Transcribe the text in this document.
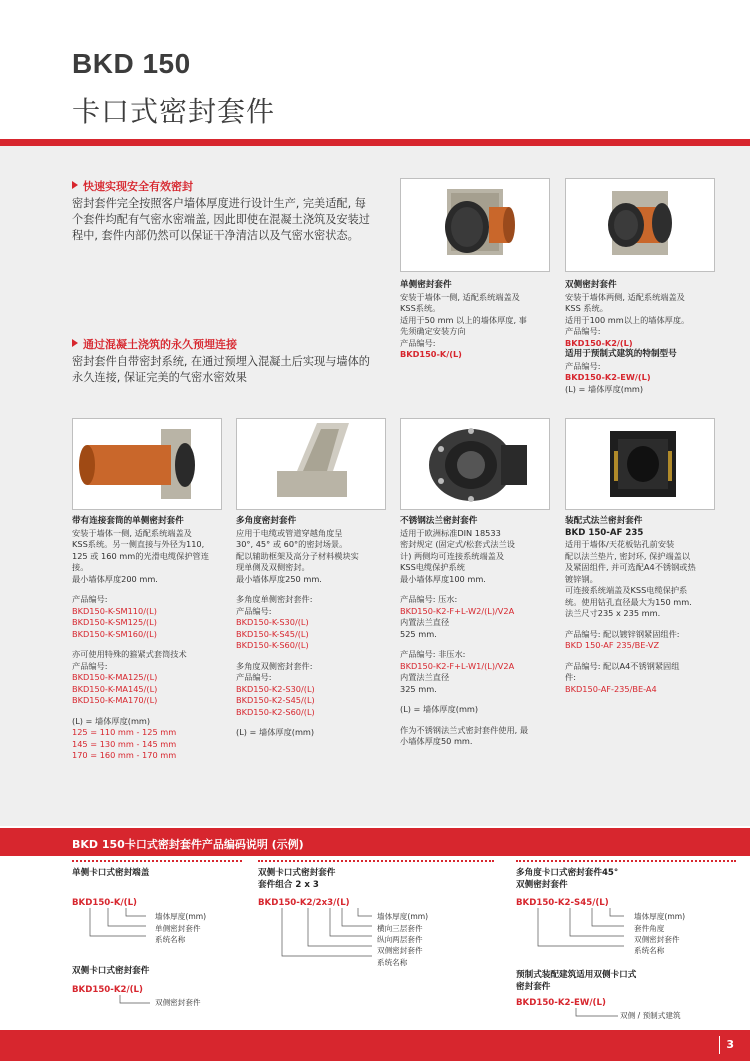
BKD 150
卡口式密封套件
快速实现安全有效密封
密封套件完全按照客户墙体厚度进行设计生产, 完美适配, 每个套件均配有气密水密端盖, 因此即使在混凝土浇筑及安装过程中, 套件内部仍然可以保证干净清洁以及气密水密状态。
通过混凝土浇筑的永久预埋连接
密封套件自带密封系统, 在通过预埋入混凝土后实现与墙体的永久连接, 保证完美的气密水密效果
单侧密封套件
安装于墙体一侧, 适配系统端盖及
KSS系统。
适用于50 mm 以上的墙体厚度, 事
先须确定安装方向
产品编号:
BKD150-K/(L)
双侧密封套件
安装于墙体两侧, 适配系统端盖及
KSS 系统。
适用于100 mm以上的墙体厚度。
产品编号:
BKD150-K2/(L)
适用于预制式建筑的特制型号
产品编号:
BKD150-K2-EW/(L)
(L) = 墙体厚度(mm)
带有连接套筒的单侧密封套件
安装于墙体一侧, 适配系统端盖及
KSS系统。另一侧直接与外径为110,
125 或 160 mm的光滑电缆保护管连
接。
最小墙体厚度200 mm.
产品编号:
BKD150-K-SM110/(L)
BKD150-K-SM125/(L)
BKD150-K-SM160/(L)
亦可使用特殊的箍紧式套筒技术
产品编号:
BKD150-K-MA125/(L)
BKD150-K-MA145/(L)
BKD150-K-MA170/(L)
(L) = 墙体厚度(mm)
125 = 110 mm - 125 mm
145 = 130 mm - 145 mm
170 = 160 mm - 170 mm
多角度密封套件
应用于电缆或管道穿越角度呈
30°, 45° 或 60°的密封场景。
配以辅助框架及高分子材料模块实
现单侧及双侧密封。
最小墙体厚度250 mm.
多角度单侧密封套件:
产品编号:
BKD150-K-S30/(L)
BKD150-K-S45/(L)
BKD150-K-S60/(L)
多角度双侧密封套件:
产品编号:
BKD150-K2-S30/(L)
BKD150-K2-S45/(L)
BKD150-K2-S60/(L)
(L) = 墙体厚度(mm)
不锈钢法兰密封套件
适用于欧洲标准DIN 18533
密封规定 (固定式/松套式法兰设
计) 两侧均可连接系统端盖及
KSS电缆保护系统
最小墙体厚度100 mm.
产品编号: 压水:
BKD150-K2-F+L-W2/(L)/V2A
内置法兰直径
525 mm.
产品编号: 非压水:
BKD150-K2-F+L-W1/(L)/V2A
内置法兰直径
325 mm.
(L) = 墙体厚度(mm)
作为不锈钢法兰式密封套件使用, 最
小墙体厚度50 mm.
装配式法兰密封套件
BKD 150-AF 235
适用于墙体/天花板钻孔前安装
配以法兰垫片, 密封环, 保护端盖以
及紧固组件, 并可选配A4不锈钢或热
镀锌钢。
可连接系统端盖及KSS电缆保护系
统。使用钻孔直径最大为150 mm.
法兰尺寸235 x 235 mm.
产品编号: 配以镀锌钢紧固组件:
BKD 150-AF 235/BE-VZ
产品编号: 配以A4不锈钢紧固组
件:
BKD150-AF-235/BE-A4
BKD 150卡口式密封套件产品编码说明 (示例)
单侧卡口式密封端盖
BKD150-K/(L)
墙体厚度(mm)
单侧密封套件
系统名称
双侧卡口式密封套件
套件组合 2 x 3
BKD150-K2/2x3/(L)
墙体厚度(mm)
横向三层套件
纵向两层套件
双侧密封套件
系统名称
多角度卡口式密封套件45°
双侧密封套件
BKD150-K2-S45/(L)
墙体厚度(mm)
套件角度
双侧密封套件
系统名称
双侧卡口式密封套件
BKD150-K2/(L)
双侧密封套件
预制式装配建筑适用双侧卡口式
密封套件
BKD150-K2-EW/(L)
双侧 / 预制式建筑
3
